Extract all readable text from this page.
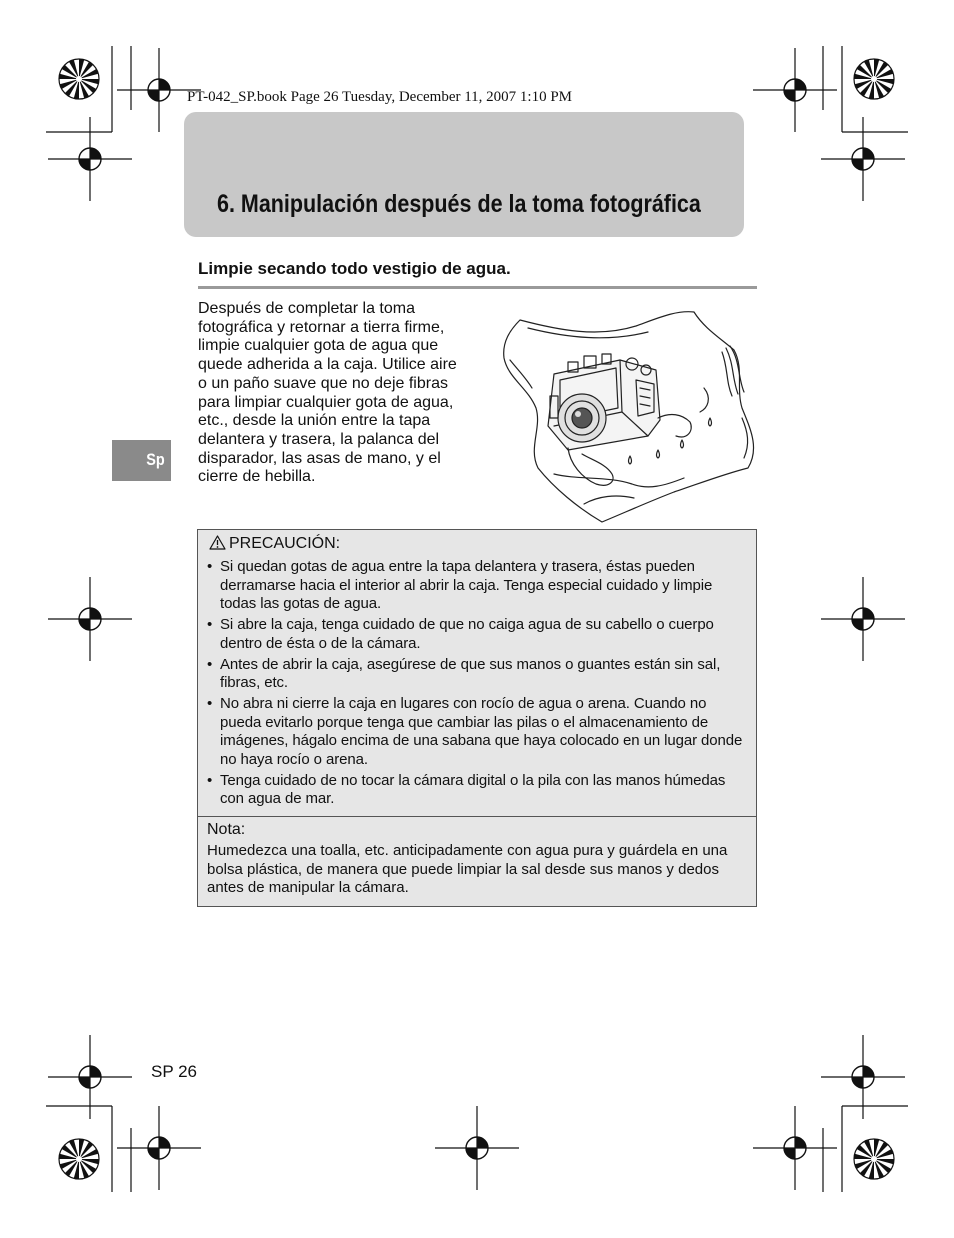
PT-042_SP.book Page 26 Tuesday, December 11, 2007 1:10 PM
6. Manipulación después de la toma fotográfica
Limpie secando todo vestigio de agua.
Después de completar la toma
fotográfica y retornar a tierra firme,
limpie cualquier gota de agua que
quede adherida a la caja. Utilice aire
o un paño suave que no deje fibras
para limpiar cualquier gota de agua,
etc., desde la unión entre la tapa
delantera y trasera, la palanca del
disparador, las asas de mano, y el
cierre de hebilla.
Sp
PRECAUCIÓN:
• Si quedan gotas de agua entre la tapa delantera y trasera, éstas pueden derramarse hacia el interior al abrir la caja. Tenga especial cuidado y limpie todas las gotas de agua.
• Si abre la caja, tenga cuidado de que no caiga agua de su cabello o cuerpo dentro de ésta o de la cámara.
• Antes de abrir la caja, asegúrese de que sus manos o guantes están sin sal, fibras, etc.
• No abra ni cierre la caja en lugares con rocío de agua o arena. Cuando no pueda evitarlo porque tenga que cambiar las pilas o el almacenamiento de imágenes, hágalo encima de una sabana que haya colocado en un lugar donde no haya rocío o arena.
• Tenga cuidado de no tocar la cámara digital o la pila con las manos húmedas con agua de mar.
Nota:
Humedezca una toalla, etc. anticipadamente con agua pura y guárdela en una bolsa plástica, de manera que puede limpiar la sal desde sus manos y dedos antes de manipular la cámara.
SP 26
